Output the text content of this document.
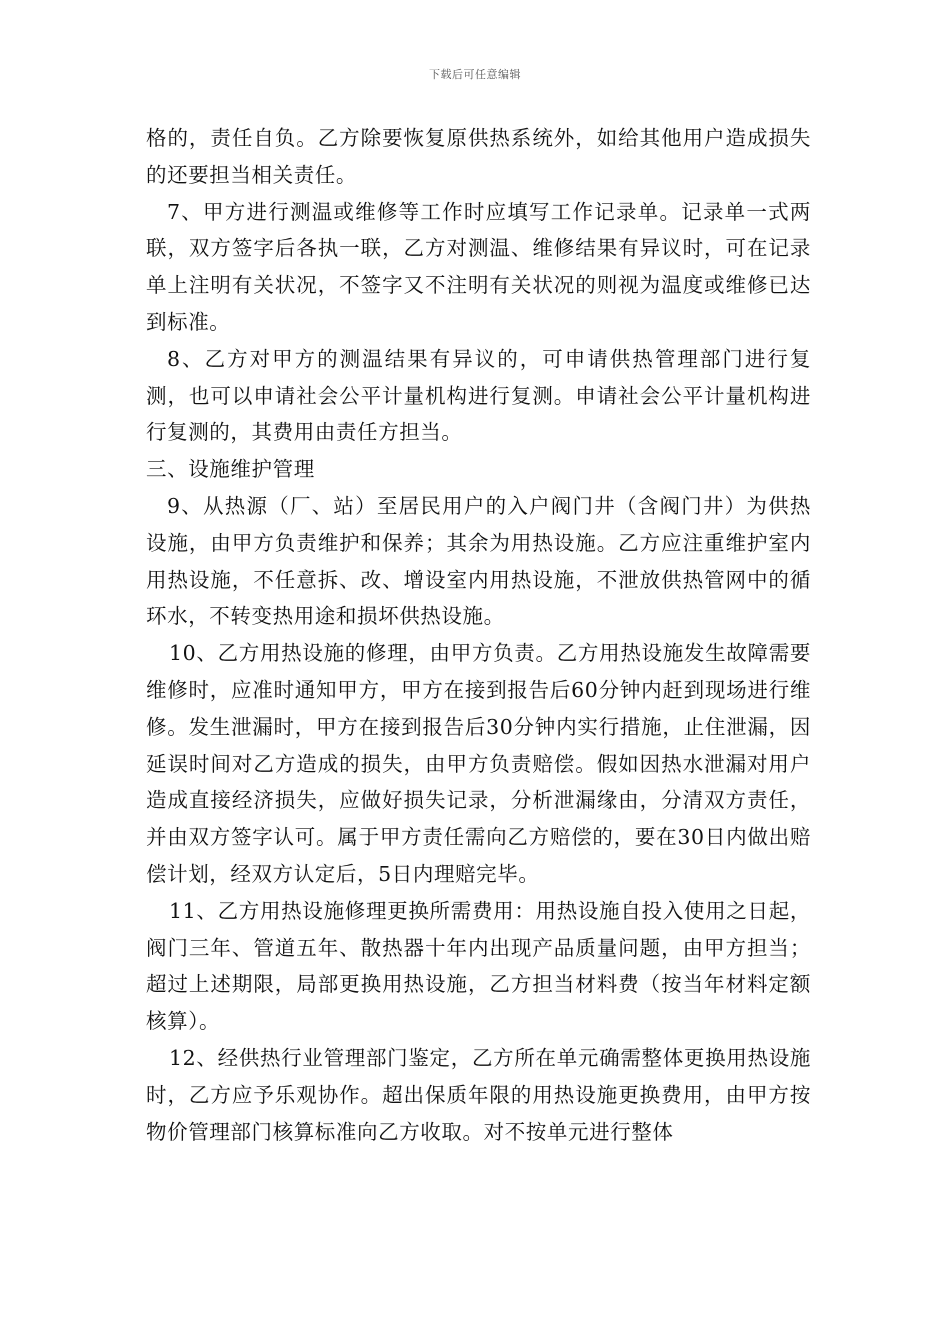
下载后可任意编辑

格的，责任自负。乙方除要恢复原供热系统外，如给其他用户造成损失的还要担当相关责任。

7、甲方进行测温或维修等工作时应填写工作记录单。记录单一式两联，双方签字后各执一联，乙方对测温、维修结果有异议时，可在记录单上注明有关状况，不签字又不注明有关状况的则视为温度或维修已达到标准。

8、乙方对甲方的测温结果有异议的，可申请供热管理部门进行复测，也可以申请社会公平计量机构进行复测。申请社会公平计量机构进行复测的，其费用由责任方担当。

三、设施维护管理

9、从热源（厂、站）至居民用户的入户阀门井（含阀门井）为供热设施，由甲方负责维护和保养；其余为用热设施。乙方应注重维护室内用热设施，不任意拆、改、增设室内用热设施，不泄放供热管网中的循环水，不转变热用途和损坏供热设施。

10、乙方用热设施的修理，由甲方负责。乙方用热设施发生故障需要维修时，应准时通知甲方，甲方在接到报告后60分钟内赶到现场进行维修。发生泄漏时，甲方在接到报告后30分钟内实行措施，止住泄漏，因延误时间对乙方造成的损失，由甲方负责赔偿。假如因热水泄漏对用户造成直接经济损失，应做好损失记录，分析泄漏缘由，分清双方责任，并由双方签字认可。属于甲方责任需向乙方赔偿的，要在30日内做出赔偿计划，经双方认定后，5日内理赔完毕。

11、乙方用热设施修理更换所需费用：用热设施自投入使用之日起，阀门三年、管道五年、散热器十年内出现产品质量问题，由甲方担当；超过上述期限，局部更换用热设施，乙方担当材料费（按当年材料定额核算）。

12、经供热行业管理部门鉴定，乙方所在单元确需整体更换用热设施时，乙方应予乐观协作。超出保质年限的用热设施更换费用，由甲方按物价管理部门核算标准向乙方收取。对不按单元进行整体
